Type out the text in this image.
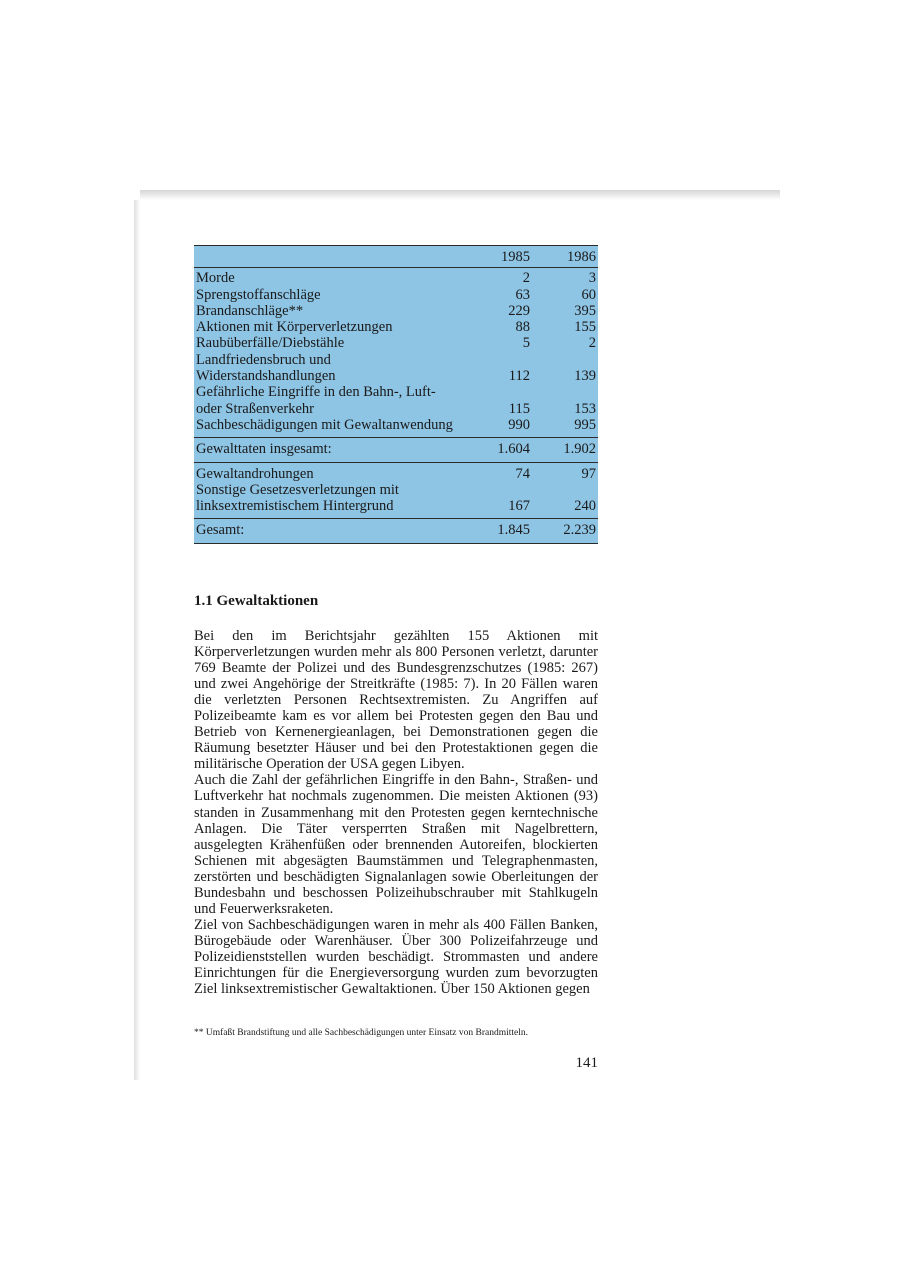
1985	1986
Morde	2	3
Sprengstoffanschläge	63	60
Brandanschläge**	229	395
Aktionen mit Körperverletzungen	88	155
Raubüberfälle/Diebstähle	5	2
Landfriedensbruch und
Widerstandshandlungen	112	139
Gefährliche Eingriffe in den Bahn-, Luft-
oder Straßenverkehr	115	153
Sachbeschädigungen mit Gewaltanwendung	990	995
Gewalttaten insgesamt:	1.604	1.902
Gewaltandrohungen	74	97
Sonstige Gesetzesverletzungen mit
linksextremistischem Hintergrund	167	240
Gesamt:	1.845	2.239
1.1 Gewaltaktionen

Bei den im Berichtsjahr gezählten 155 Aktionen mit Körperverletzungen wurden mehr als 800 Personen verletzt, darunter 769 Beamte der Polizei und des Bundesgrenzschutzes (1985: 267) und zwei Angehörige der Streitkräfte (1985: 7). In 20 Fällen waren die verletzten Personen Rechtsextremisten. Zu Angriffen auf Polizeibeamte kam es vor allem bei Protesten gegen den Bau und Betrieb von Kernenergieanlagen, bei Demonstrationen gegen die Räumung besetzter Häuser und bei den Protestaktionen gegen die militärische Operation der USA gegen Libyen.

Auch die Zahl der gefährlichen Eingriffe in den Bahn-, Straßen- und Luftverkehr hat nochmals zugenommen. Die meisten Aktionen (93) standen in Zusammenhang mit den Protesten gegen kerntechnische Anlagen. Die Täter versperrten Straßen mit Nagelbrettern, ausgelegten Krähenfüßen oder brennenden Autoreifen, blockierten Schienen mit abgesägten Baumstämmen und Telegraphenmasten, zerstörten und beschädigten Signalanlagen sowie Oberleitungen der Bundesbahn und beschossen Polizeihubschrauber mit Stahlkugeln und Feuerwerksraketen.

Ziel von Sachbeschädigungen waren in mehr als 400 Fällen Banken, Bürogebäude oder Warenhäuser. Über 300 Polizeifahrzeuge und Polizeidienststellen wurden beschädigt. Strommasten und andere Einrichtungen für die Energieversorgung wurden zum bevorzugten Ziel linksextremistischer Gewaltaktionen. Über 150 Aktionen gegen

** Umfaßt Brandstiftung und alle Sachbeschädigungen unter Einsatz von Brandmitteln.

141
